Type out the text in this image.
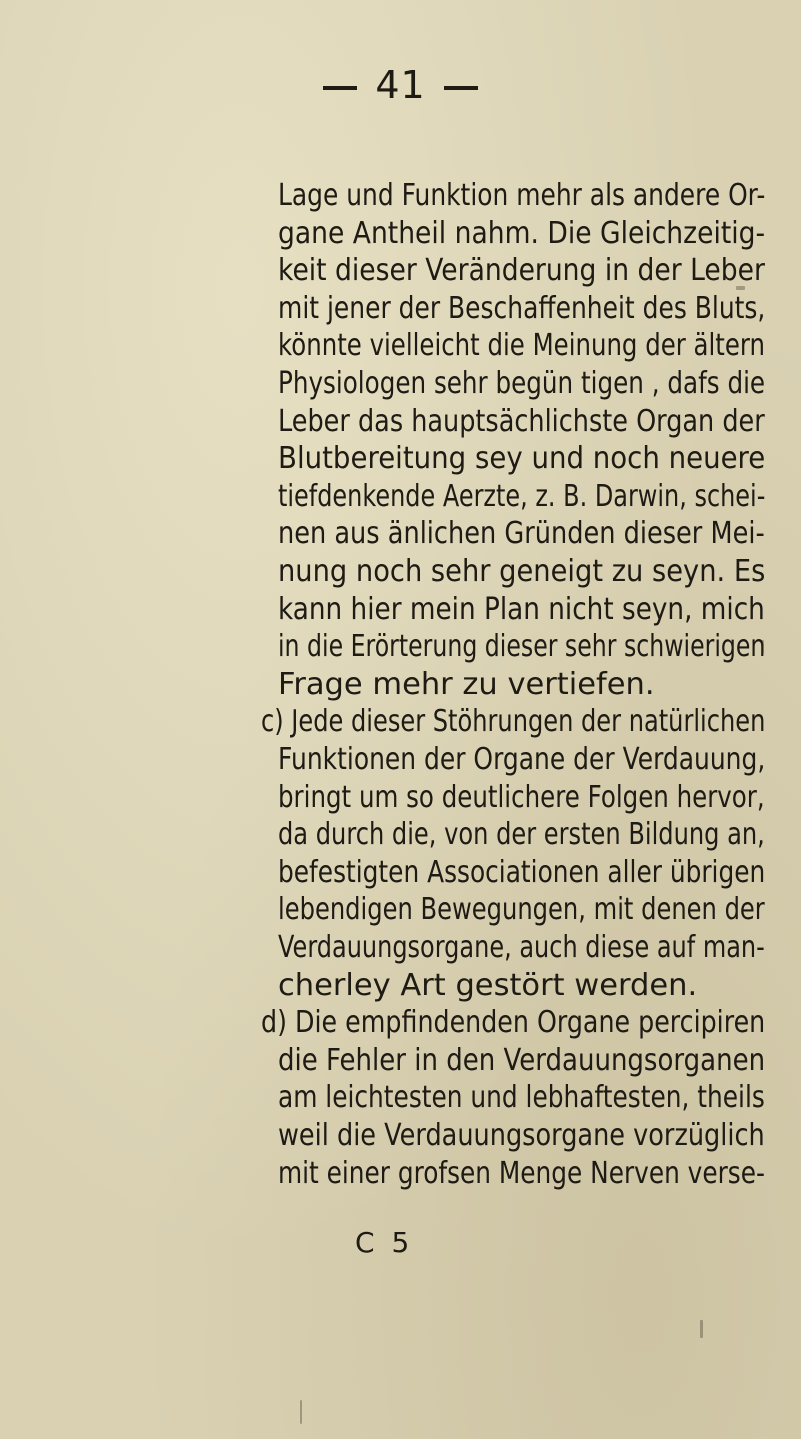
41
Lage und Funktion mehr als andere Or-
gane Antheil nahm. Die Gleichzeitig-
keit dieser Veränderung in der Leber
mit jener der Beschaffenheit des Bluts,
könnte vielleicht die Meinung der ältern
Physiologen sehr begün tigen , dafs die
Leber das hauptsächlichste Organ der
Blutbereitung sey und noch neuere
tiefdenkende Aerzte, z. B. Darwin, schei-
nen aus änlichen Gründen dieser Mei-
nung noch sehr geneigt zu seyn. Es
kann hier mein Plan nicht seyn, mich
in die Erörterung dieser sehr schwierigen
Frage mehr zu vertiefen.
c) Jede dieser Stöhrungen der natürlichen
Funktionen der Organe der Verdauung,
bringt um so deutlichere Folgen hervor,
da durch die, von der ersten Bildung an,
befestigten Associationen aller übrigen
lebendigen Bewegungen, mit denen der
Verdauungsorgane, auch diese auf man-
cherley Art gestört werden.
d) Die empfindenden Organe percipiren
die Fehler in den Verdauungsorganen
am leichtesten und lebhaftesten, theils
weil die Verdauungsorgane vorzüglich
mit einer grofsen Menge Nerven verse-
C 5
